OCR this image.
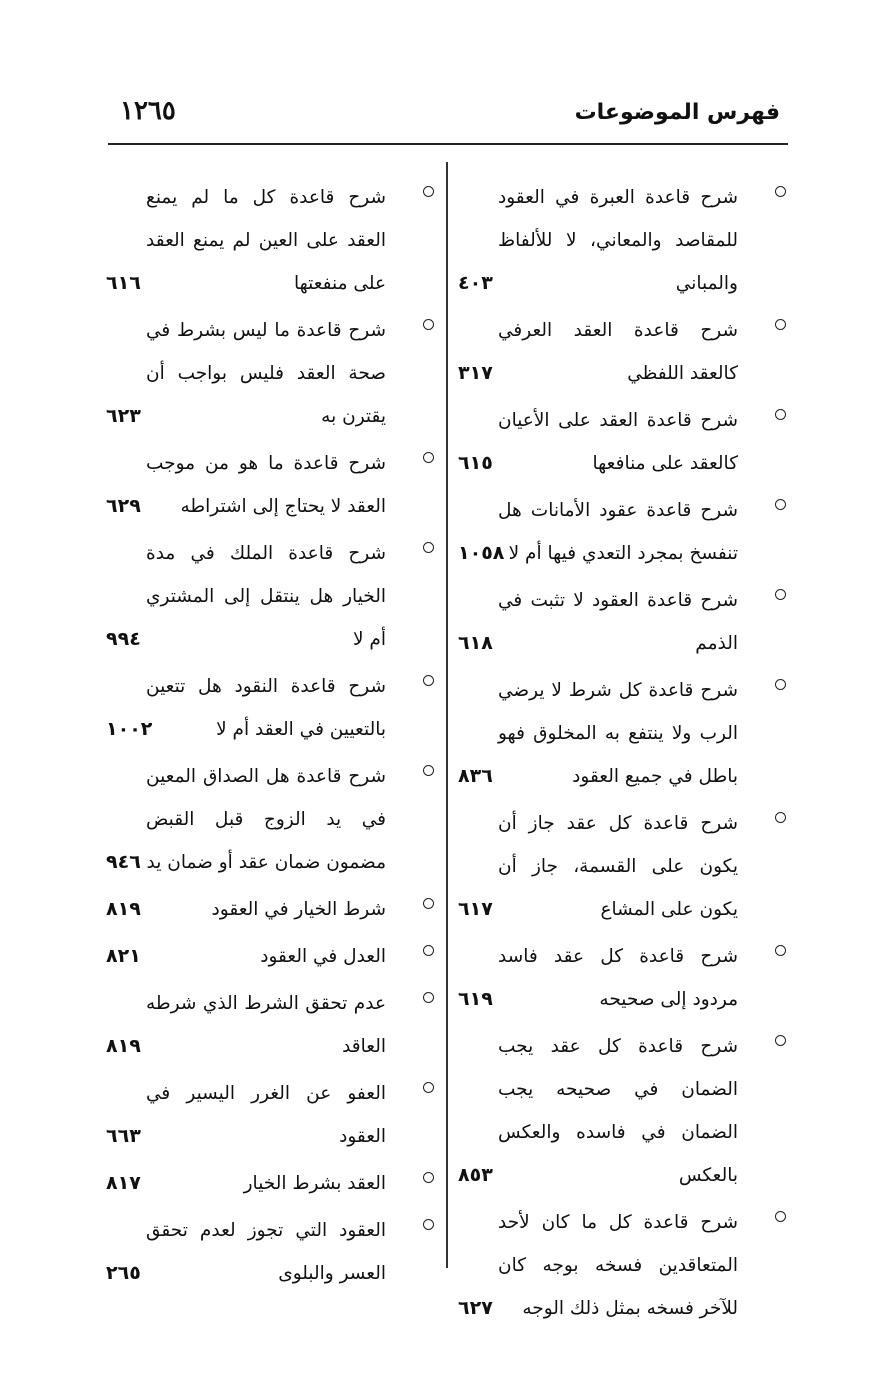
١٢٦٥	فهرس الموضوعات
شرح قاعدة العبرة في العقود للمقاصد والمعاني، لا للألفاظ والمباني
٤٠٣
شرح قاعدة العقد العرفي كالعقد اللفظي
٣١٧
شرح قاعدة العقد على الأعيان كالعقد على منافعها
٦١٥
شرح قاعدة عقود الأمانات هل تنفسخ بمجرد التعدي فيها أم لا
١٠٥٨
شرح قاعدة العقود لا تثبت في الذمم
٦١٨
شرح قاعدة كل شرط لا يرضي الرب ولا ينتفع به المخلوق فهو باطل في جميع العقود
٨٣٦
شرح قاعدة كل عقد جاز أن يكون على القسمة، جاز أن يكون على المشاع
٦١٧
شرح قاعدة كل عقد فاسد مردود إلى صحيحه
٦١٩
شرح قاعدة كل عقد يجب الضمان في صحيحه يجب الضمان في فاسده والعكس بالعكس
٨٥٣
شرح قاعدة كل ما كان لأحد المتعاقدين فسخه بوجه كان للآخر فسخه بمثل ذلك الوجه
٦٢٧
شرح قاعدة كل ما لم يمنع العقد على العين لم يمنع العقد على منفعتها
٦١٦
شرح قاعدة ما ليس بشرط في صحة العقد فليس بواجب أن يقترن به
٦٢٣
شرح قاعدة ما هو من موجب العقد لا يحتاج إلى اشتراطه
٦٢٩
شرح قاعدة الملك في مدة الخيار هل ينتقل إلى المشتري أم لا
٩٩٤
شرح قاعدة النقود هل تتعين بالتعيين في العقد أم لا
١٠٠٢
شرح قاعدة هل الصداق المعين في يد الزوج قبل القبض مضمون ضمان عقد أو ضمان يد
٩٤٦
شرط الخيار في العقود
٨١٩
العدل في العقود
٨٢١
عدم تحقق الشرط الذي شرطه العاقد
٨١٩
العفو عن الغرر اليسير في العقود
٦٦٣
العقد بشرط الخيار
٨١٧
العقود التي تجوز لعدم تحقق العسر والبلوى
٢٦٥
